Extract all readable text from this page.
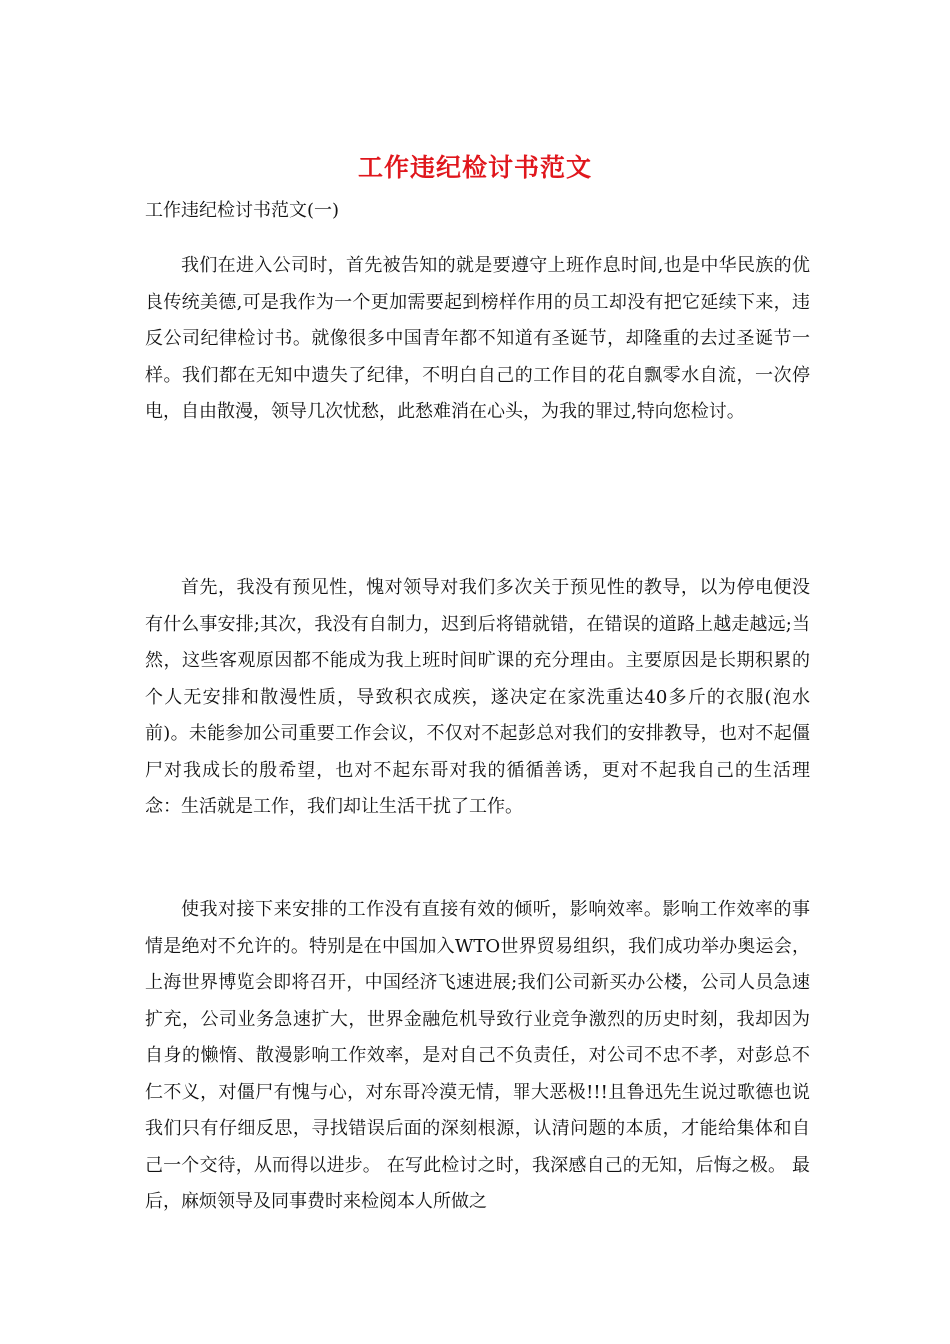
工作违纪检讨书范文
工作违纪检讨书范文(一)

我们在进入公司时，首先被告知的就是要遵守上班作息时间,也是中华民族的优良传统美德,可是我作为一个更加需要起到榜样作用的员工却没有把它延续下来，违反公司纪律检讨书。就像很多中国青年都不知道有圣诞节，却隆重的去过圣诞节一样。我们都在无知中遗失了纪律，不明白自己的工作目的花自飘零水自流，一次停电，自由散漫，领导几次忧愁，此愁难消在心头，为我的罪过,特向您检讨。

首先，我没有预见性，愧对领导对我们多次关于预见性的教导，以为停电便没有什么事安排;其次，我没有自制力，迟到后将错就错，在错误的道路上越走越远;当然，这些客观原因都不能成为我上班时间旷课的充分理由。主要原因是长期积累的个人无安排和散漫性质，导致积衣成疾，遂决定在家洗重达40多斤的衣服(泡水前)。未能参加公司重要工作会议，不仅对不起彭总对我们的安排教导，也对不起僵尸对我成长的殷希望，也对不起东哥对我的循循善诱，更对不起我自己的生活理念：生活就是工作，我们却让生活干扰了工作。

使我对接下来安排的工作没有直接有效的倾听，影响效率。影响工作效率的事情是绝对不允许的。特别是在中国加入WTO世界贸易组织，我们成功举办奥运会，上海世界博览会即将召开，中国经济飞速进展;我们公司新买办公楼，公司人员急速扩充，公司业务急速扩大，世界金融危机导致行业竞争激烈的历史时刻，我却因为自身的懒惰、散漫影响工作效率，是对自己不负责任，对公司不忠不孝，对彭总不仁不义，对僵尸有愧与心，对东哥冷漠无情，罪大恶极!!!且鲁迅先生说过歌德也说我们只有仔细反思，寻找错误后面的深刻根源，认清问题的本质，才能给集体和自己一个交待，从而得以进步。 在写此检讨之时，我深感自己的无知，后悔之极。 最后，麻烦领导及同事费时来检阅本人所做之
